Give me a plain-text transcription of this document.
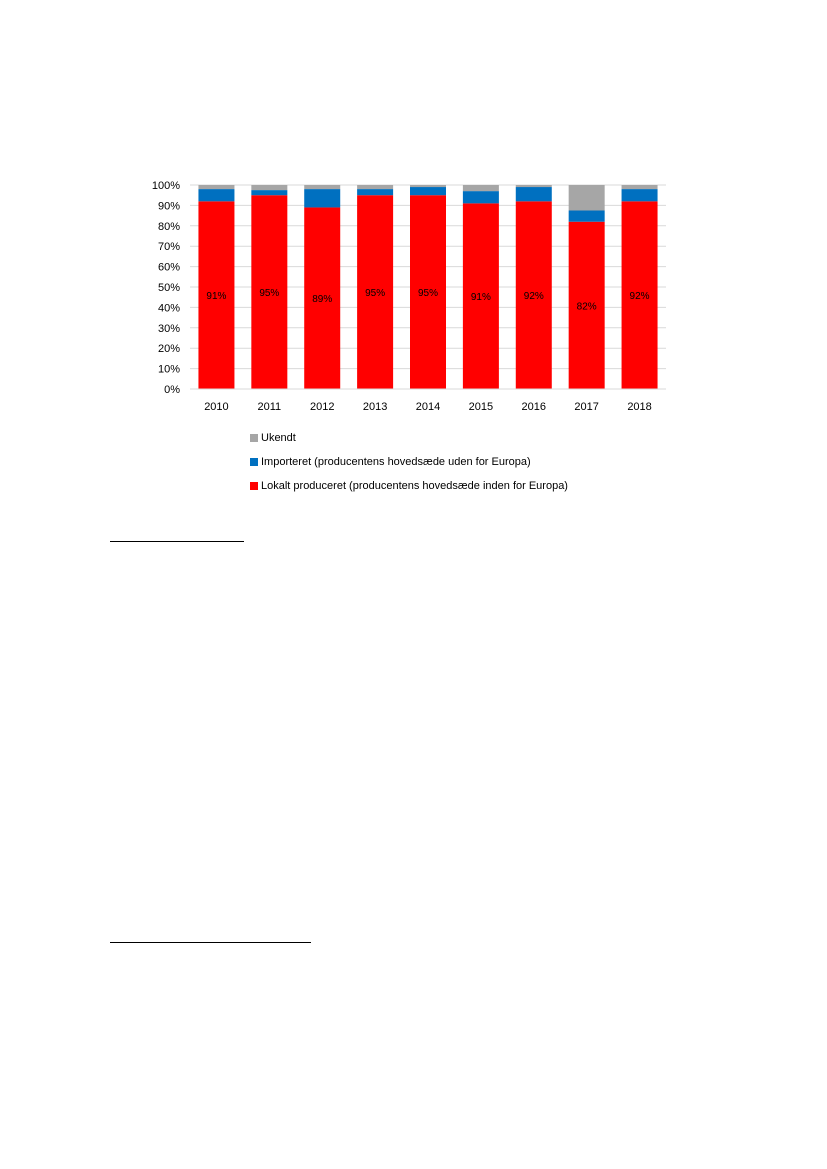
0%
10%
20%
30%
40%
50%
60%
70%
80%
90%
100%
2010	2011	2012	2013	2014	2015	2016	2017	2018
91%	95%
89%
95%	95%	91%	92%
82%
92%
Ukendt
Importeret (producentens hovedsæde uden for Europa)
Lokalt produceret (producentens hovedsæde inden for Europa)
